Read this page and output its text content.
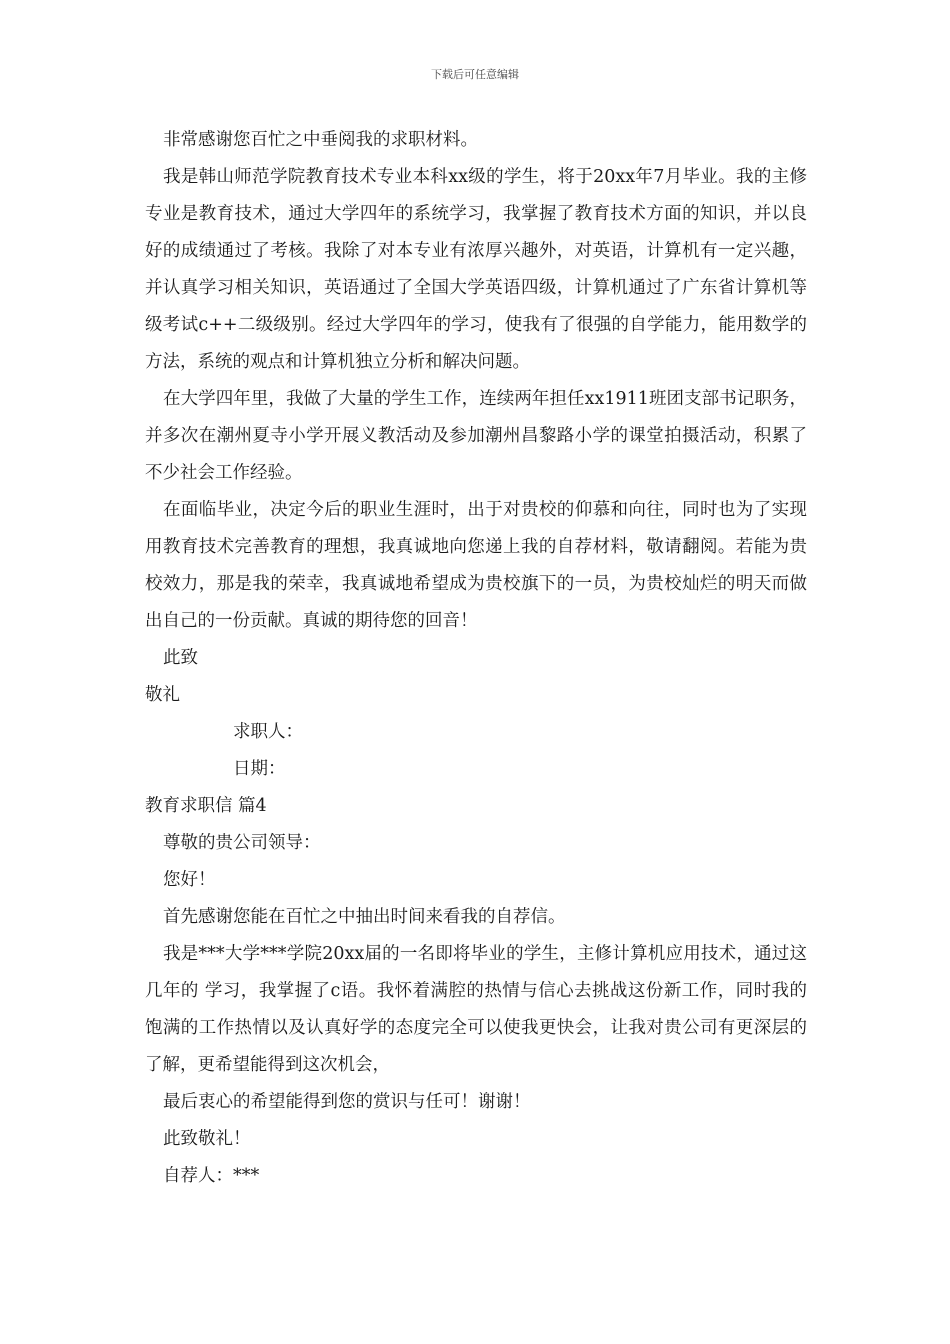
下载后可任意编辑

非常感谢您百忙之中垂阅我的求职材料。

我是韩山师范学院教育技术专业本科xx级的学生，将于20xx年7月毕业。我的主修专业是教育技术，通过大学四年的系统学习，我掌握了教育技术方面的知识，并以良好的成绩通过了考核。我除了对本专业有浓厚兴趣外，对英语，计算机有一定兴趣，并认真学习相关知识，英语通过了全国大学英语四级，计算机通过了广东省计算机等级考试c++二级级别。经过大学四年的学习，使我有了很强的自学能力，能用数学的方法，系统的观点和计算机独立分析和解决问题。

在大学四年里，我做了大量的学生工作，连续两年担任xx1911班团支部书记职务，并多次在潮州夏寺小学开展义教活动及参加潮州昌黎路小学的课堂拍摄活动，积累了不少社会工作经验。

在面临毕业，决定今后的职业生涯时，出于对贵校的仰慕和向往，同时也为了实现用教育技术完善教育的理想，我真诚地向您递上我的自荐材料，敬请翻阅。若能为贵校效力，那是我的荣幸，我真诚地希望成为贵校旗下的一员，为贵校灿烂的明天而做出自己的一份贡献。真诚的期待您的回音！

此致

敬礼

求职人：

日期：

教育求职信 篇4

尊敬的贵公司领导：

您好！

首先感谢您能在百忙之中抽出时间来看我的自荐信。

我是***大学***学院20xx届的一名即将毕业的学生，主修计算机应用技术，通过这几年的 学习，我掌握了c语。我怀着满腔的热情与信心去挑战这份新工作，同时我的饱满的工作热情以及认真好学的态度完全可以使我更快会，让我对贵公司有更深层的了解，更希望能得到这次机会，

最后衷心的希望能得到您的赏识与任可！谢谢！

此致敬礼！

自荐人：***
